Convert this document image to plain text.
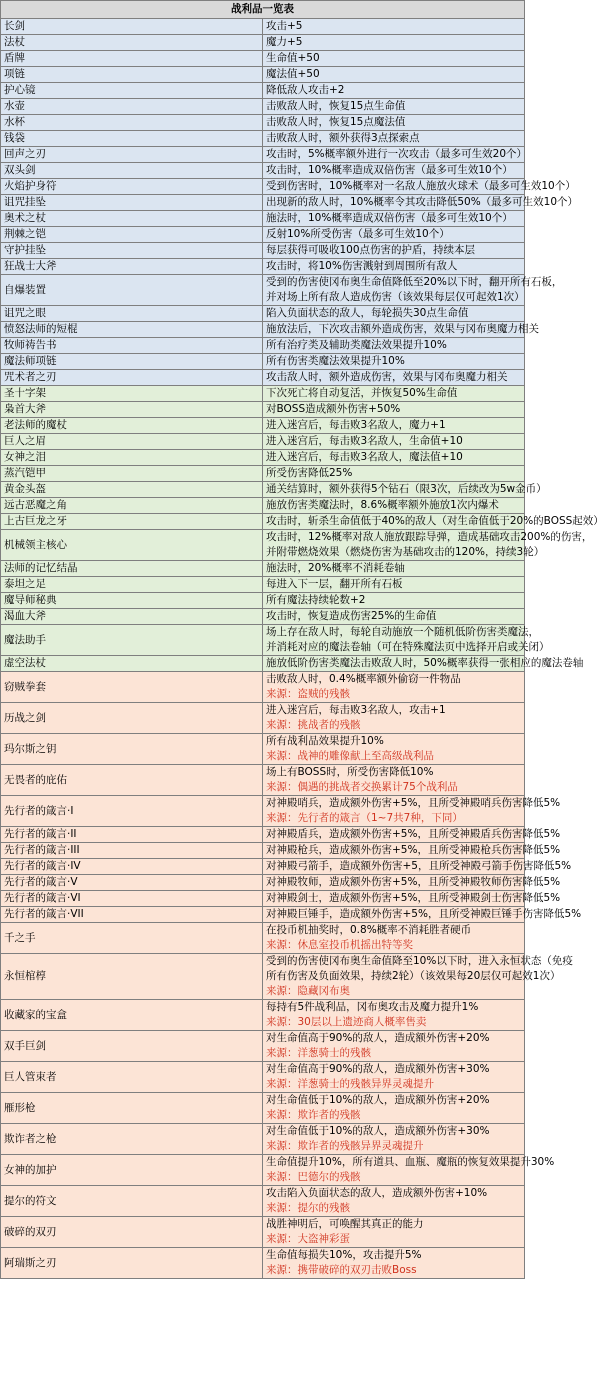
战利品一览表	
长剑	攻击+5

法杖	魔力+5

盾牌	生命值+50

项链	魔法值+50

护心镜	降低敌人攻击+2

水壶	击败敌人时，恢复15点生命值

水杯	击败敌人时，恢复15点魔法值

钱袋	击败敌人时，额外获得3点探索点

回声之刃	攻击时，5%概率额外进行一次攻击（最多可生效20个）

双头剑	攻击时，10%概率造成双倍伤害（最多可生效10个）

火焰护身符	受到伤害时，10%概率对一名敌人施放火球术（最多可生效10个）

诅咒挂坠	出现新的敌人时，10%概率令其攻击降低50%（最多可生效10个）

奥术之杖	施法时，10%概率造成双倍伤害（最多可生效10个）

荆棘之铠	反射10%所受伤害（最多可生效10个）

守护挂坠	每层获得可吸收100点伤害的护盾，持续本层

狂战士大斧	攻击时，将10%伤害溅射到周围所有敌人

自爆装置	受到的伤害使冈布奥生命值降低至20%以下时，翻开所有石板，
并对场上所有敌人造成伤害（该效果每层仅可起效1次）

诅咒之眼	陷入负面状态的敌人，每轮损失30点生命值

愤怒法师的短棍	施放法后，下次攻击额外造成伤害，效果与冈布奥魔力相关

牧师祷告书	所有治疗类及辅助类魔法效果提升10%

魔法师项链	所有伤害类魔法效果提升10%

咒术者之刃	攻击敌人时，额外造成伤害，效果与冈布奥魔力相关

圣十字架	下次死亡将自动复活，并恢复50%生命值

枭首大斧	对BOSS造成额外伤害+50%

老法师的魔杖	进入迷宫后，每击败3名敌人，魔力+1

巨人之眉	进入迷宫后，每击败3名敌人，生命值+10

女神之泪	进入迷宫后，每击败3名敌人，魔法值+10

蒸汽铠甲	所受伤害降低25%

黄金头盔	通关结算时，额外获得5个钻石（限3次，后续改为5w金币）

远古恶魔之角	施放伤害类魔法时，8.6%概率额外施放1次内爆术

上古巨龙之牙	攻击时，斩杀生命值低于40%的敌人（对生命值低于20%的BOSS起效）

机械领主核心	攻击时，12%概率对敌人施放跟踪导弹，造成基础攻击200%的伤害，
并附带燃烧效果（燃烧伤害为基础攻击的120%，持续3轮）

法师的记忆结晶	施法时，20%概率不消耗卷轴

泰坦之足	每进入下一层，翻开所有石板

魔导师秘典	所有魔法持续轮数+2

渴血大斧	攻击时，恢复造成伤害25%的生命值

魔法助手	场上存在敌人时，每轮自动施放一个随机低阶伤害类魔法，
并消耗对应的魔法卷轴（可在特殊魔法页中选择开启或关闭）

虚空法杖	施放低阶伤害类魔法击败敌人时，50%概率获得一张相应的魔法卷轴

窃贼拳套	击败敌人时，0.4%概率额外偷窃一件物品
来源：盗贼的残骸

历战之剑	进入迷宫后，每击败3名敌人，攻击+1
来源：挑战者的残骸

玛尔斯之钥	所有战利品效果提升10%
来源：战神的雕像献上至高级战利品

无畏者的庇佑	场上有BOSS时，所受伤害降低10%
来源：偶遇的挑战者交换累计75个战利品

先行者的箴言·I	对神殿哨兵，造成额外伤害+5%，且所受神殿哨兵伤害降低5%
来源：先行者的箴言（1~7共7种，下同）

先行者的箴言·II	对神殿盾兵，造成额外伤害+5%，且所受神殿盾兵伤害降低5%

先行者的箴言·III	对神殿枪兵，造成额外伤害+5%，且所受神殿枪兵伤害降低5%

先行者的箴言·IV	对神殿弓箭手，造成额外伤害+5，且所受神殿弓箭手伤害降低5%

先行者的箴言·V	对神殿牧师，造成额外伤害+5%，且所受神殿牧师伤害降低5%

先行者的箴言·VI	对神殿剑士，造成额外伤害+5%，且所受神殿剑士伤害降低5%

先行者的箴言·VII	对神殿巨锤手，造成额外伤害+5%，且所受神殿巨锤手伤害降低5%

千之手	在投币机抽奖时，0.8%概率不消耗胜者硬币
来源：休息室投币机摇出特等奖

永恒棺椁	受到的伤害使冈布奥生命值降至10%以下时，进入永恒状态（免疫
所有伤害及负面效果，持续2轮）（该效果每20层仅可起效1次）
来源：隐藏冈布奥

收藏家的宝盒	每持有5件战利品，冈布奥攻击及魔力提升1%
来源：30层以上遗迹商人概率售卖

双手巨剑	对生命值高于90%的敌人，造成额外伤害+20%
来源：洋葱骑士的残骸

巨人管束者	对生命值高于90%的敌人，造成额外伤害+30%
来源：洋葱骑士的残骸异界灵魂提升

雁形枪	对生命值低于10%的敌人，造成额外伤害+20%
来源：欺诈者的残骸

欺诈者之枪	对生命值低于10%的敌人，造成额外伤害+30%
来源：欺诈者的残骸异界灵魂提升

女神的加护	生命值提升10%，所有道具、血瓶、魔瓶的恢复效果提升30%
来源：巴德尔的残骸

提尔的符文	攻击陷入负面状态的敌人，造成额外伤害+10%
来源：提尔的残骸

破碎的双刃	战胜神明后，可唤醒其真正的能力
来源：大盗神彩蛋

阿瑞斯之刃	生命值每损失10%，攻击提升5%
来源：携带破碎的双刃击败Boss
